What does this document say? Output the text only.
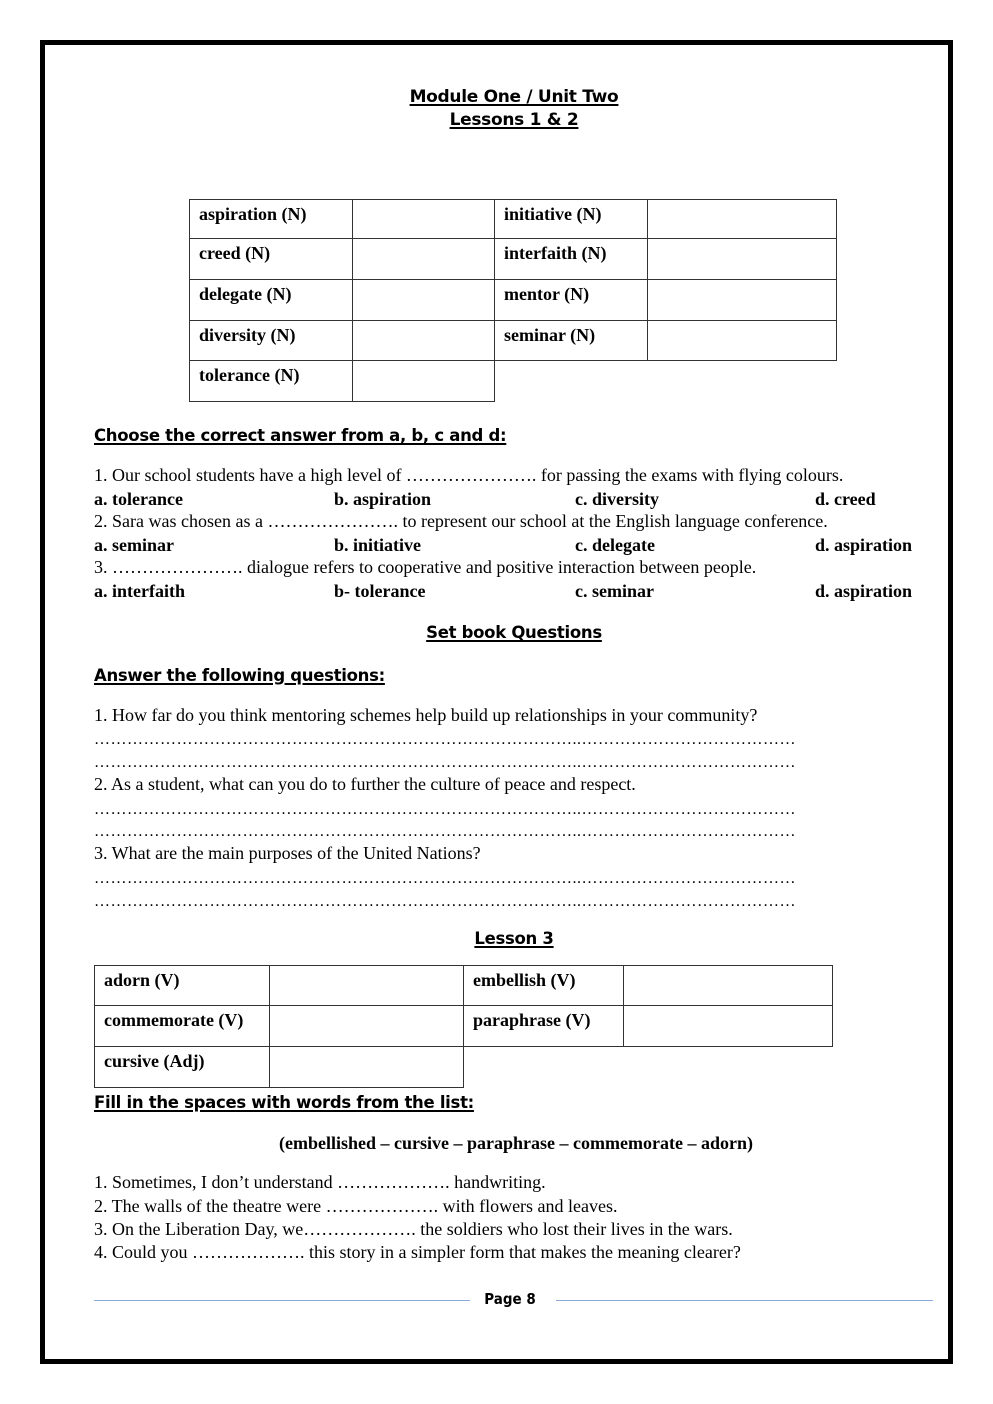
Module One / Unit Two
Lessons 1 & 2
aspiration (N)		initiative (N)	
creed (N)		interfaith (N)	
delegate (N)		mentor (N)	
diversity (N)		seminar (N)	
tolerance (N)			
Choose the correct answer from a, b, c and d:
1. Our school students have a high level of …………………. for passing the exams with flying colours.
a. tolerance	b. aspiration	c. diversity	d. creed
2. Sara was chosen as a …………………. to represent our school at the English language conference.
a. seminar	b. initiative	c. delegate	d. aspiration
3. …………………. dialogue refers to cooperative and positive interaction between people.
a. interfaith	b- tolerance	c. seminar	d. aspiration
Set book Questions
Answer the following questions:
1. How far do you think mentoring schemes help build up relationships in your community?
……………………………………………………………………………..…………………………………
……………………………………………………………………………..…………………………………
2. As a student, what can you do to further the culture of peace and respect.
……………………………………………………………………………..…………………………………
……………………………………………………………………………..…………………………………
3. What are the main purposes of the United Nations?
……………………………………………………………………………..…………………………………
……………………………………………………………………………..…………………………………
Lesson 3
adorn (V)		embellish (V)	
commemorate (V)		paraphrase (V)	
cursive (Adj)			
Fill in the spaces with words from the list:
(embellished – cursive – paraphrase – commemorate – adorn)
1. Sometimes, I don’t understand ………………. handwriting.
2. The walls of the theatre were ………………. with flowers and leaves.
3. On the Liberation Day, we………………. the soldiers who lost their lives in the wars.
4. Could you ………………. this story in a simpler form that makes the meaning clearer?
Page 8
